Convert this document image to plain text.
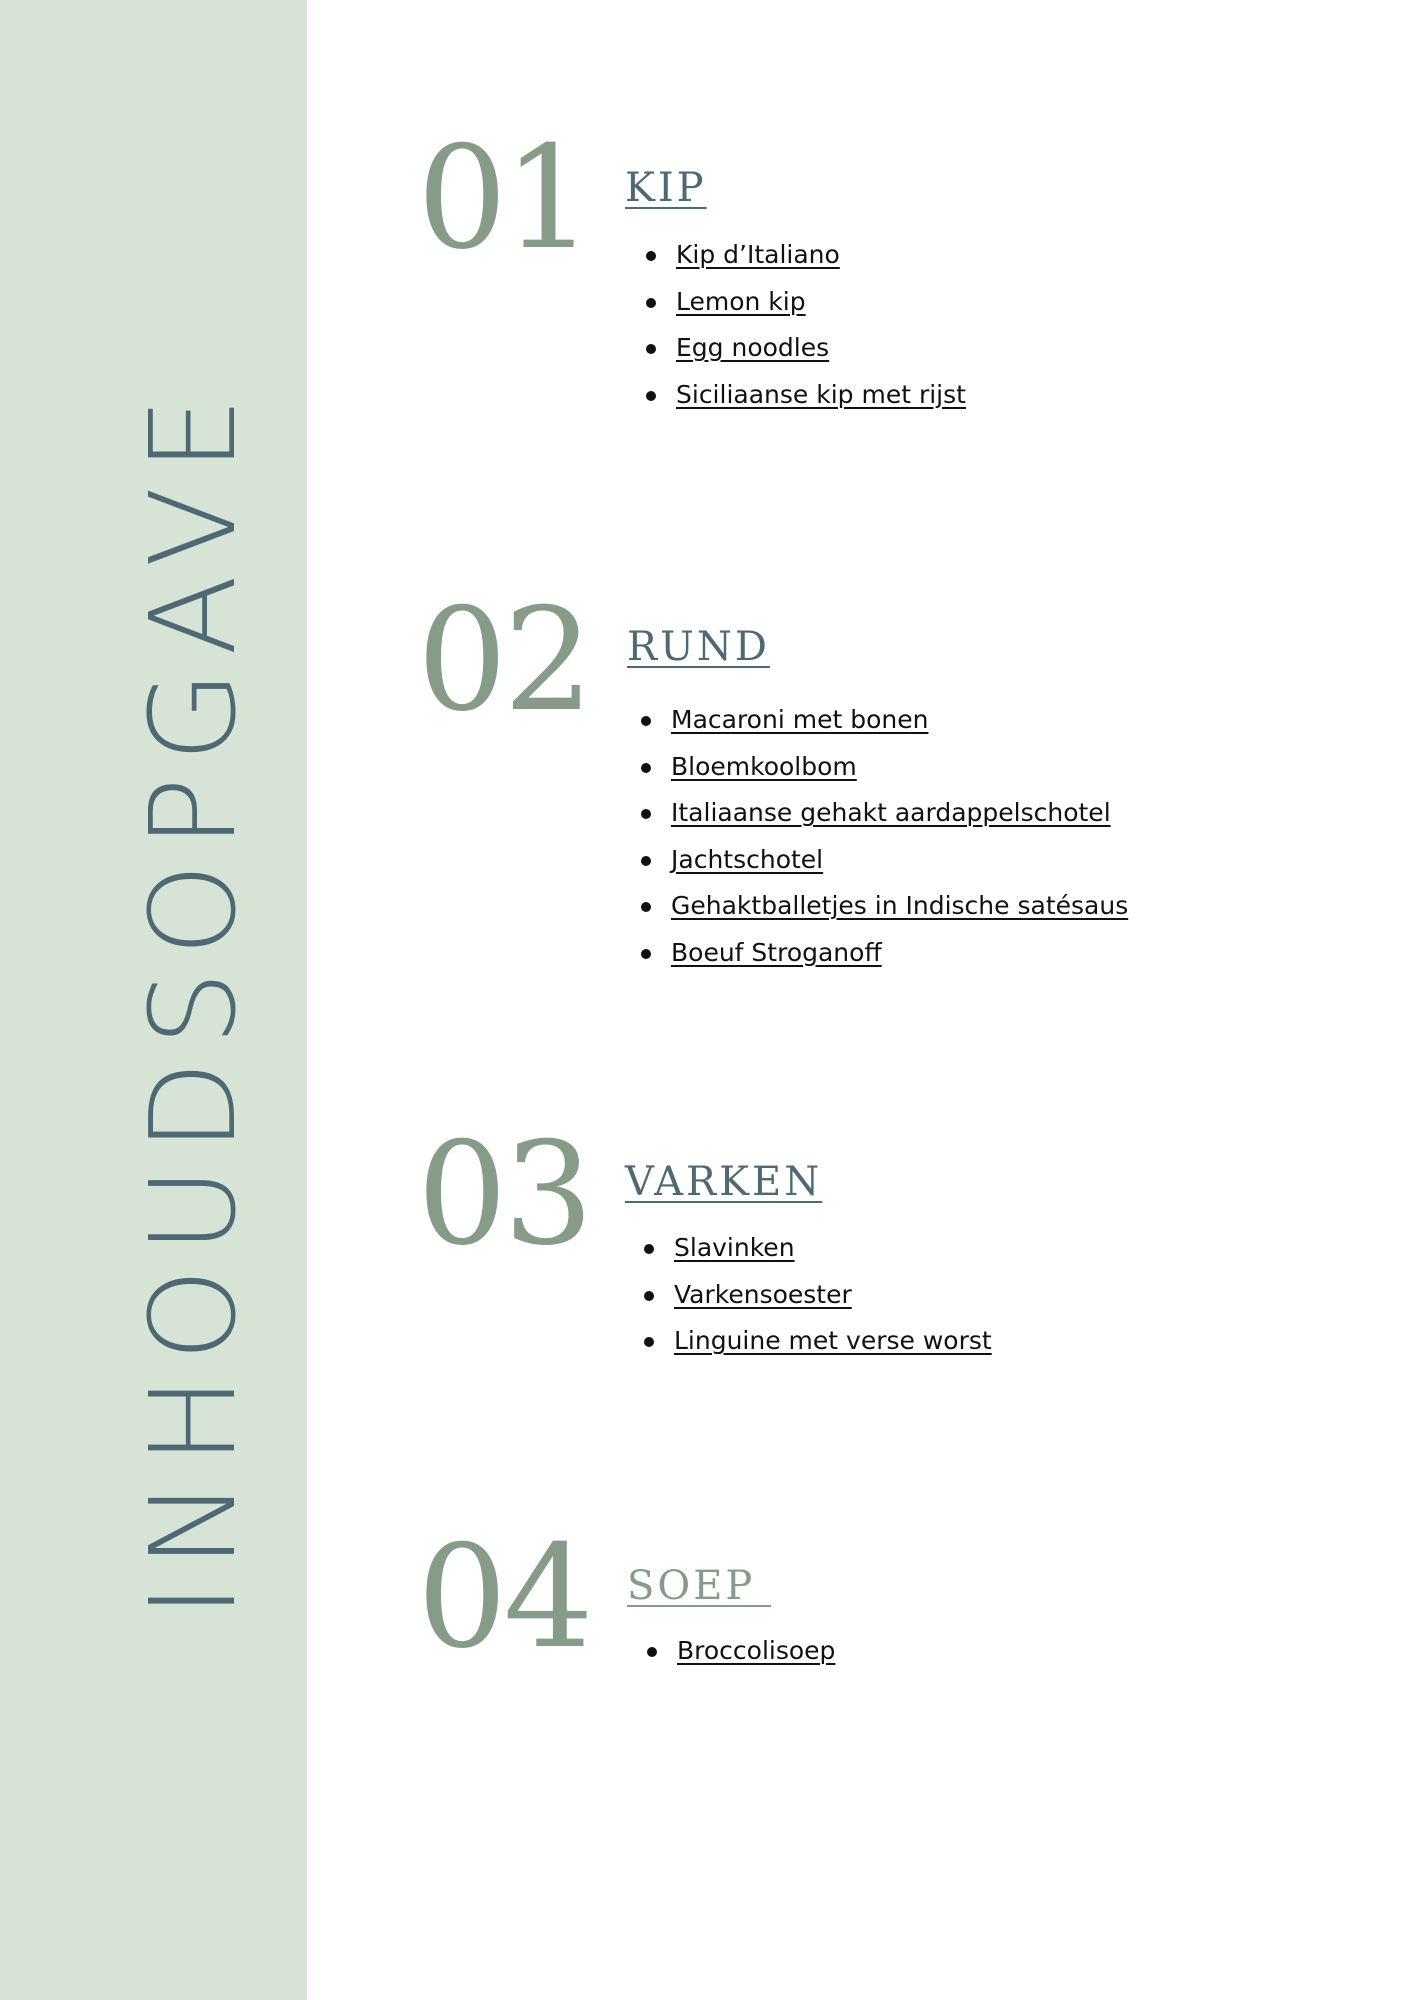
INHOUDSOPGAVE
01 KIP
Kip d’Italiano
Lemon kip
Egg noodles
Siciliaanse kip met rijst
02 RUND
Macaroni met bonen
Bloemkoolbom
Italiaanse gehakt aardappelschotel
Jachtschotel
Gehaktballetjes in Indische satésaus
Boeuf Stroganoff
03 VARKEN
Slavinken
Varkensoester
Linguine met verse worst
04 SOEP
Broccolisoep
